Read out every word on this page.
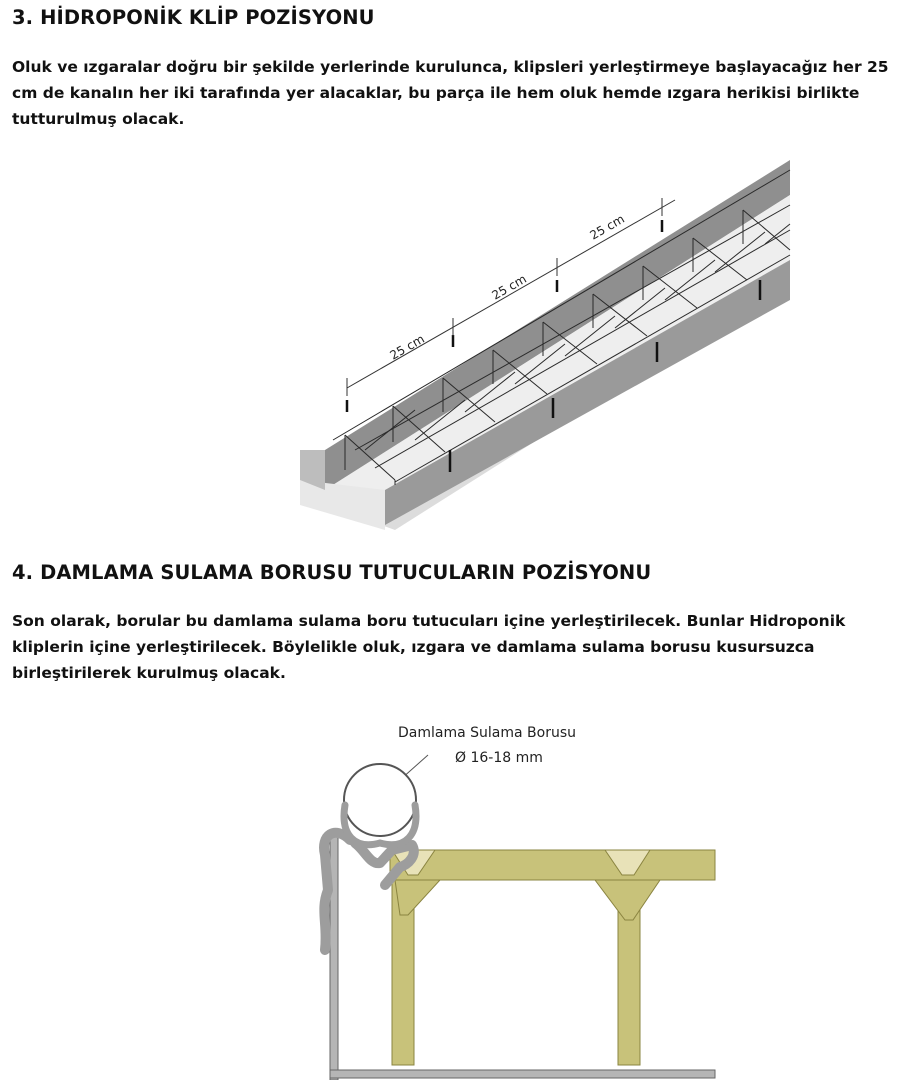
3. HİDROPONİK KLİP POZİSYONU

Oluk ve ızgaralar doğru bir şekilde yerlerinde kurulunca, klipsleri yerleştirmeye başlayacağız her 25 cm de kanalın her iki tarafında yer alacaklar, bu parça ile hem oluk hemde ızgara herikisi birlikte tutturulmuş olacak.

25 cm
25 cm
25 cm
4. DAMLAMA SULAMA BORUSU TUTUCULARIN POZİSYONU

Son olarak, borular bu damlama sulama boru tutucuları içine yerleştirilecek. Bunlar Hidroponik kliplerin içine yerleştirilecek. Böylelikle oluk, ızgara ve damlama sulama borusu kusursuzca birleştirilerek kurulmuş olacak.

Damlama Sulama Borusu
Ø 16-18 mm
